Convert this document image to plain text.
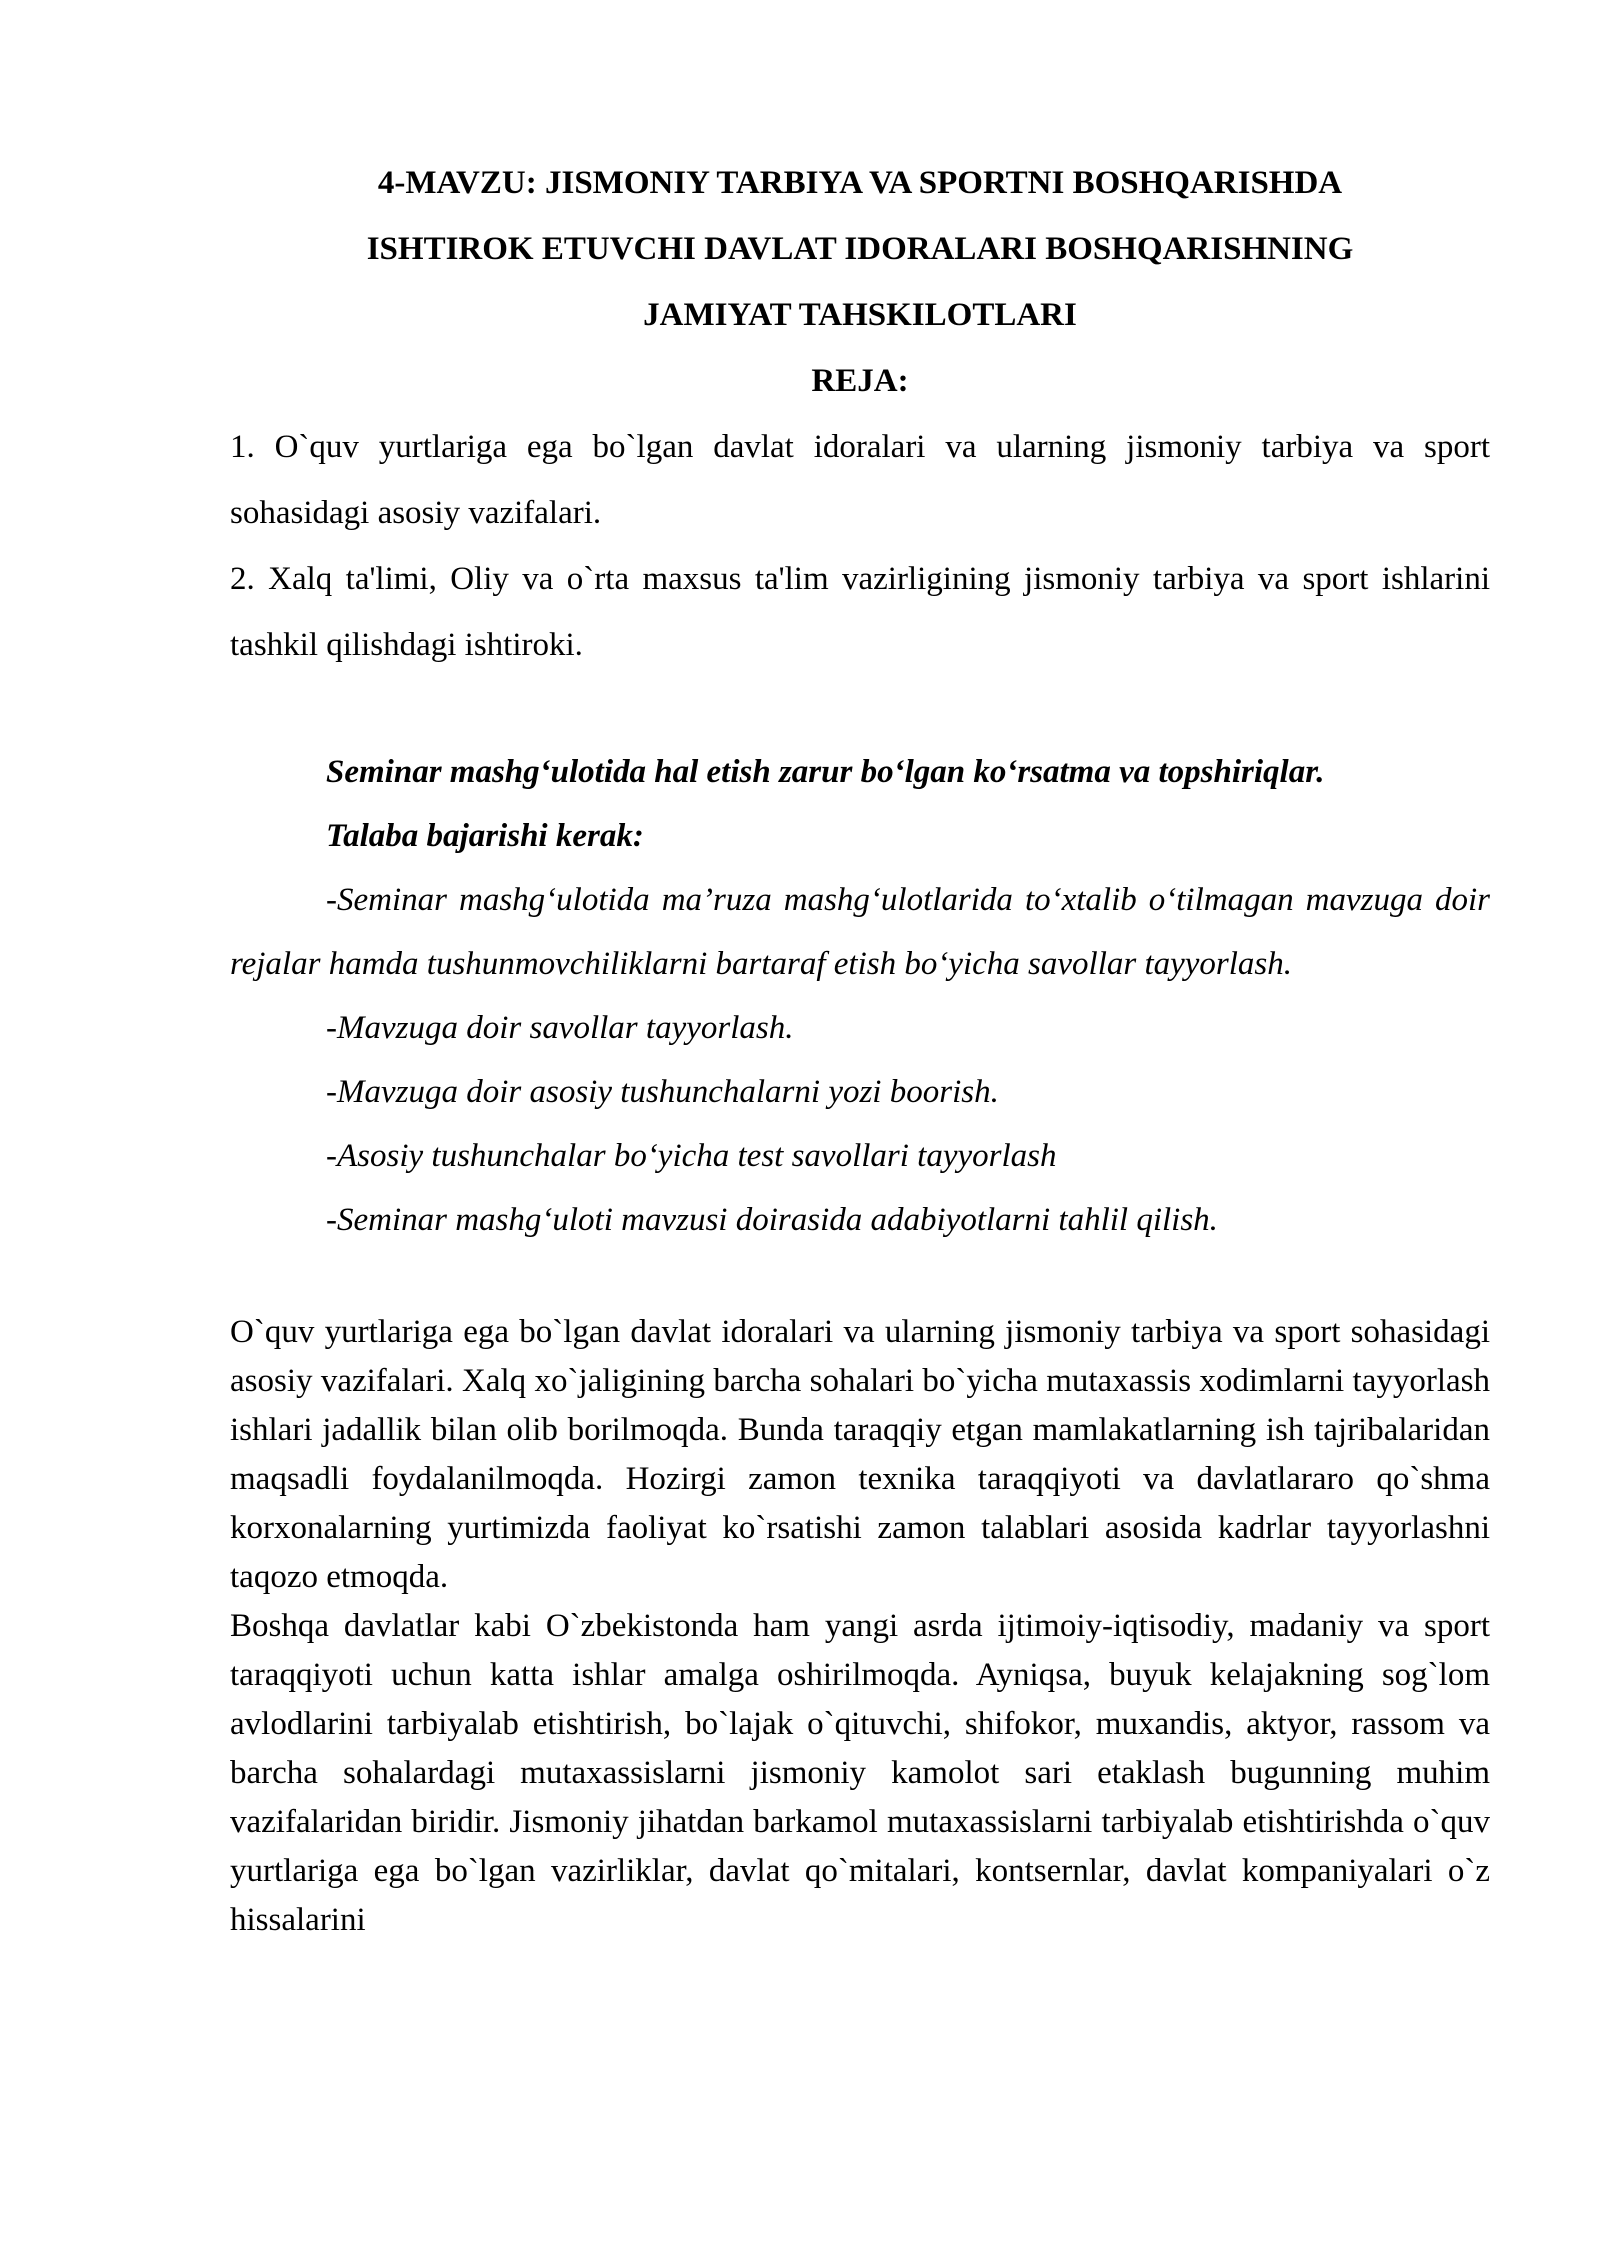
4-MAVZU: JISMONIY TARBIYA VA SPORTNI BOSHQARISHDA
ISHTIROK ETUVCHI DAVLAT IDORALARI BOSHQARISHNING
JAMIYAT TAHSKILOTLARI
REJA:
1. O`quv yurtlariga ega bo`lgan davlat idoralari va ularning jismoniy tarbiya va sport sohasidagi asosiy vazifalari.
2. Xalq ta'limi, Oliy va o`rta maxsus ta'lim vazirligining jismoniy tarbiya va sport ishlarini tashkil qilishdagi ishtiroki.

Seminar mashg‘ulotida hal etish zarur bo‘lgan ko‘rsatma va topshiriqlar.

Talaba bajarishi kerak:

-Seminar mashg‘ulotida ma’ruza mashg‘ulotlarida to‘xtalib o‘tilmagan mavzuga doir rejalar hamda tushunmovchiliklarni bartaraf etish bo‘yicha savollar tayyorlash.

-Mavzuga doir savollar tayyorlash.

-Mavzuga doir asosiy tushunchalarni yozi boorish.

-Asosiy tushunchalar bo‘yicha test savollari tayyorlash

-Seminar mashg‘uloti mavzusi doirasida adabiyotlarni tahlil qilish.

O`quv yurtlariga ega bo`lgan davlat idoralari va ularning jismoniy tarbiya va sport sohasidagi asosiy vazifalari. Xalq xo`jaligining barcha sohalari bo`yicha mutaxassis xodimlarni tayyorlash ishlari jadallik bilan olib borilmoqda. Bunda taraqqiy etgan mamlakatlarning ish tajribalaridan maqsadli foydalanilmoqda. Hozirgi zamon texnika taraqqiyoti va davlatlararo qo`shma korxonalarning yurtimizda faoliyat ko`rsatishi zamon talablari asosida kadrlar tayyorlashni taqozo etmoqda.

Boshqa davlatlar kabi O`zbekistonda ham yangi asrda ijtimoiy-iqtisodiy, madaniy va sport taraqqiyoti uchun katta ishlar amalga oshirilmoqda. Ayniqsa, buyuk kelajakning sog`lom avlodlarini tarbiyalab etishtirish, bo`lajak o`qituvchi, shifokor, muxandis, aktyor, rassom va barcha sohalardagi mutaxassislarni jismoniy kamolot sari etaklash bugunning muhim vazifalaridan biridir. Jismoniy jihatdan barkamol mutaxassislarni tarbiyalab etishtirishda o`quv yurtlariga ega bo`lgan vazirliklar, davlat qo`mitalari, kontsernlar, davlat kompaniyalari o`z hissalarini
